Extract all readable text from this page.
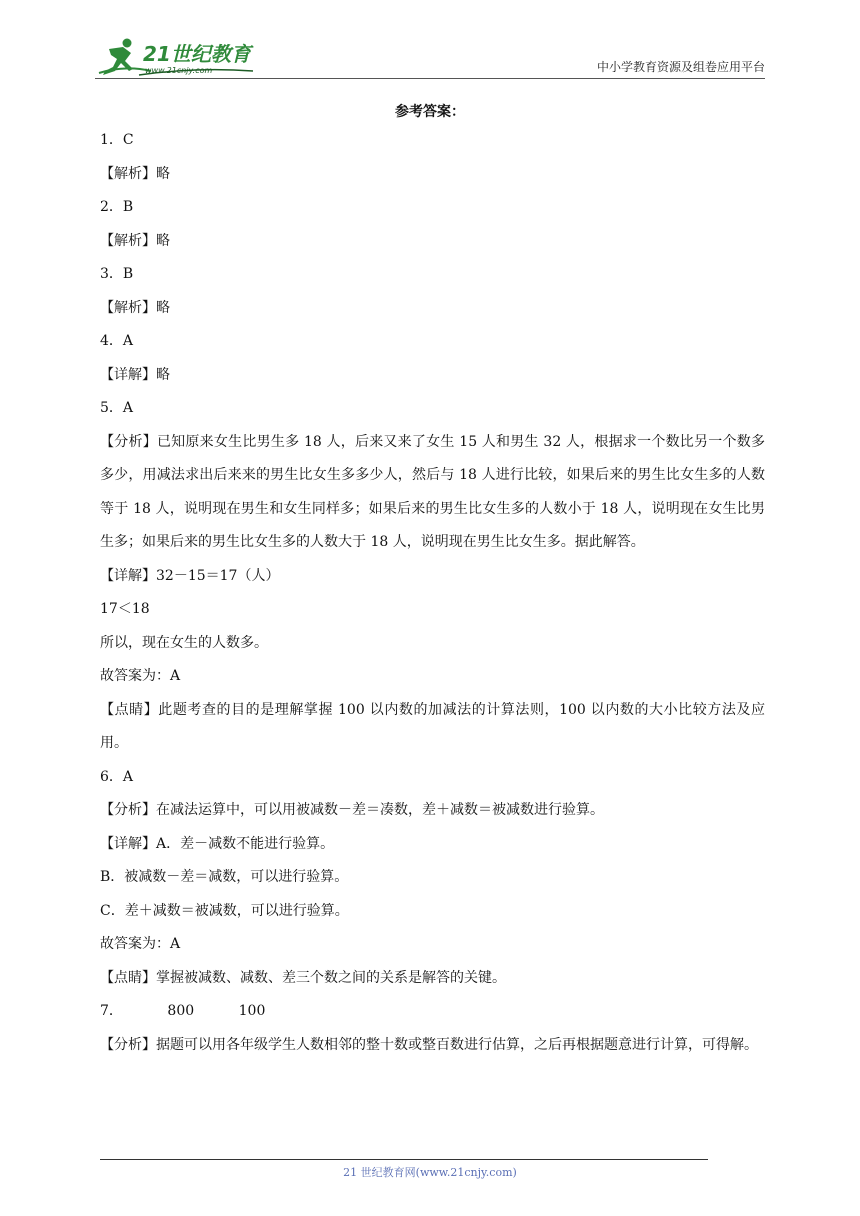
21世纪教育
www.21cnjy.com	中小学教育资源及组卷应用平台
参考答案：

1．C

【解析】略

2．B

【解析】略

3．B

【解析】略

4．A

【详解】略

5．A

【分析】已知原来女生比男生多 18 人，后来又来了女生 15 人和男生 32 人，根据求一个数比另一个数多多少，用减法求出后来来的男生比女生多多少人，然后与 18 人进行比较，如果后来的男生比女生多的人数等于 18 人，说明现在男生和女生同样多；如果后来的男生比女生多的人数小于 18 人，说明现在女生比男生多；如果后来的男生比女生多的人数大于 18 人，说明现在男生比女生多。据此解答。

【详解】32－15＝17（人）

17＜18

所以，现在女生的人数多。

故答案为：A

【点睛】此题考查的目的是理解掌握 100 以内数的加减法的计算法则，100 以内数的大小比较方法及应用。

6．A

【分析】在减法运算中，可以用被减数－差＝凑数，差＋减数＝被减数进行验算。

【详解】A．差－减数不能进行验算。

B．被减数－差＝减数，可以进行验算。

C．差＋减数＝被减数，可以进行验算。

故答案为：A

【点睛】掌握被减数、减数、差三个数之间的关系是解答的关键。

7．          800          100

【分析】据题可以用各年级学生人数相邻的整十数或整百数进行估算，之后再根据题意进行计算，可得解。

21 世纪教育网(www.21cnjy.com)
